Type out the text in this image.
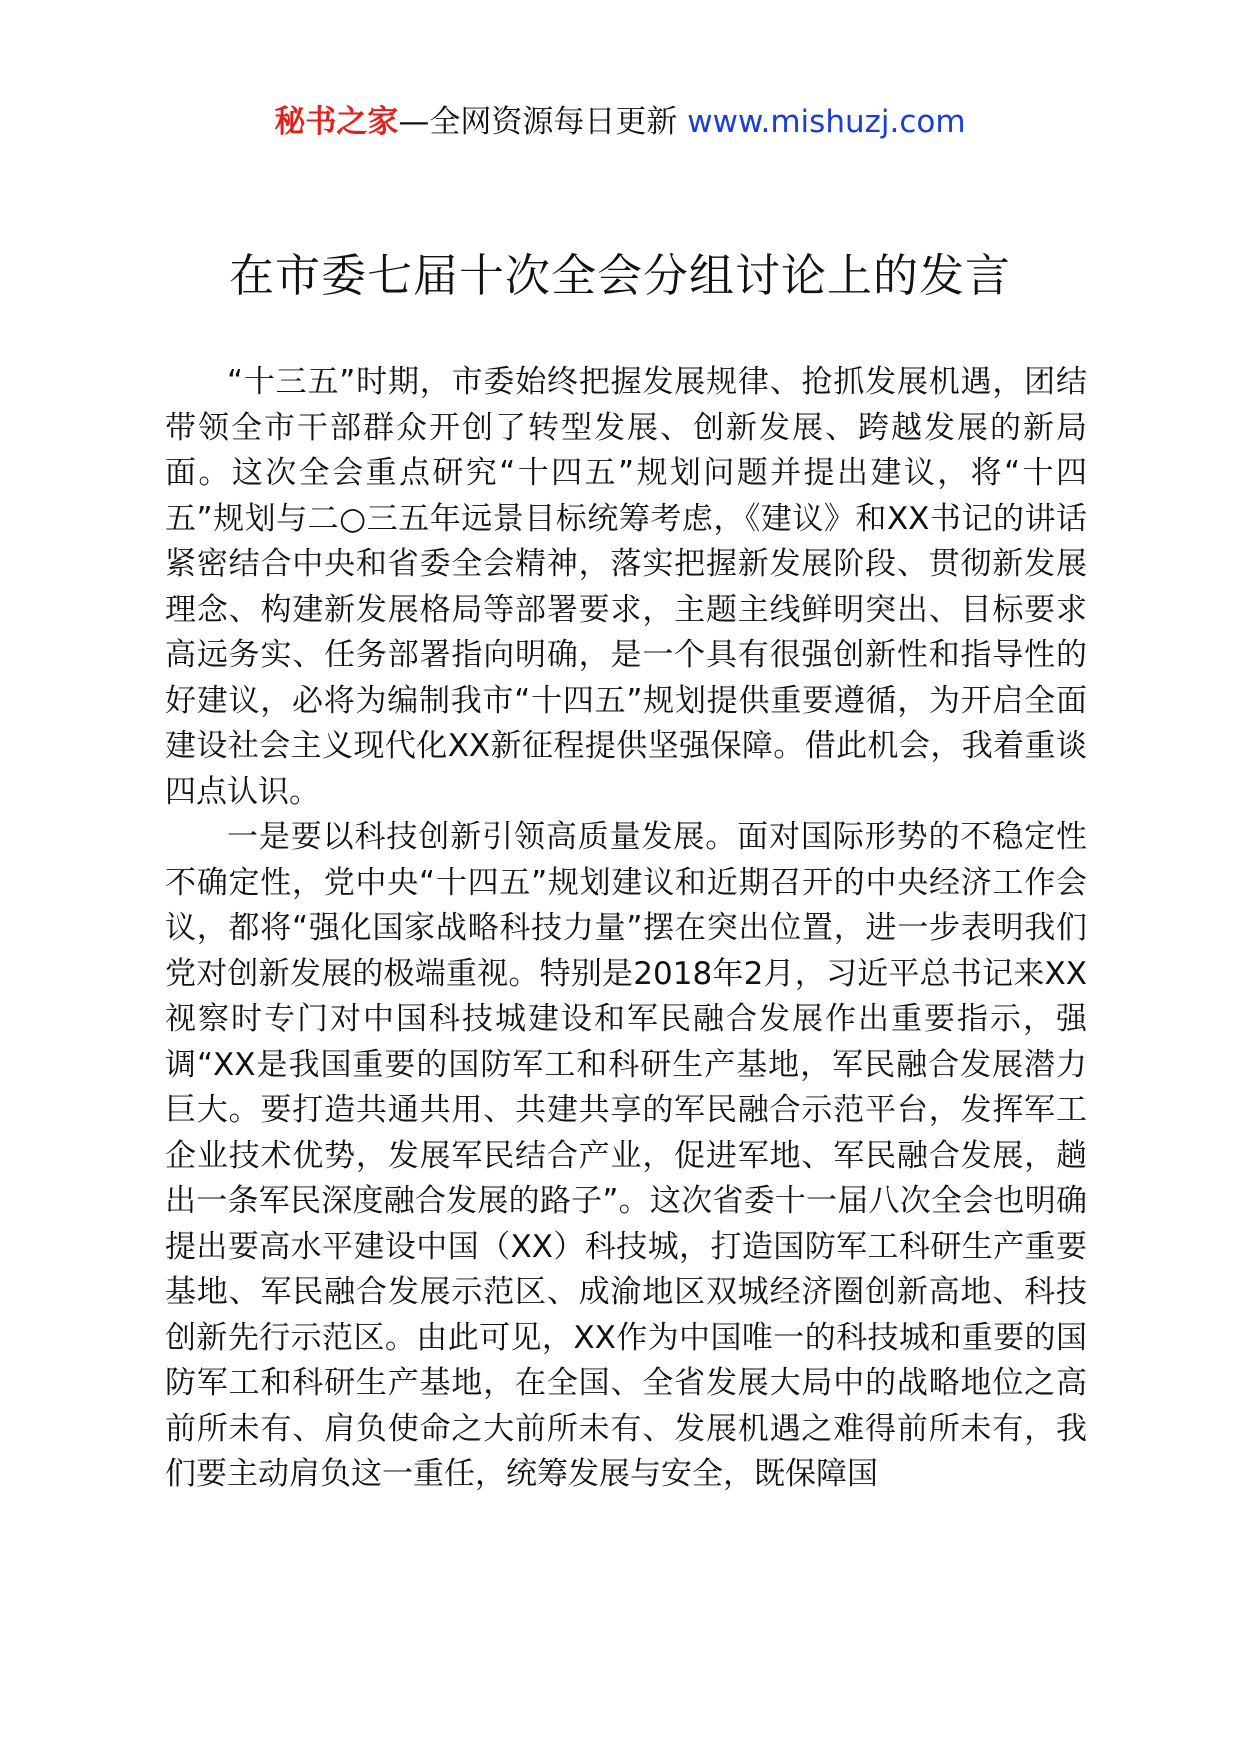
秘书之家—全网资源每日更新 www.mishuzj.com
在市委七届十次全会分组讨论上的发言

“十三五”时期，市委始终把握发展规律、抢抓发展机遇，团结带领全市干部群众开创了转型发展、创新发展、跨越发展的新局面。这次全会重点研究“十四五”规划问题并提出建议，将“十四五”规划与二○三五年远景目标统筹考虑，《建议》和XX书记的讲话紧密结合中央和省委全会精神，落实把握新发展阶段、贯彻新发展理念、构建新发展格局等部署要求，主题主线鲜明突出、目标要求高远务实、任务部署指向明确，是一个具有很强创新性和指导性的好建议，必将为编制我市“十四五”规划提供重要遵循，为开启全面建设社会主义现代化XX新征程提供坚强保障。借此机会，我着重谈四点认识。

一是要以科技创新引领高质量发展。面对国际形势的不稳定性不确定性，党中央“十四五”规划建议和近期召开的中央经济工作会议，都将“强化国家战略科技力量”摆在突出位置，进一步表明我们党对创新发展的极端重视。特别是2018年2月，习近平总书记来XX视察时专门对中国科技城建设和军民融合发展作出重要指示，强调“XX是我国重要的国防军工和科研生产基地，军民融合发展潜力巨大。要打造共通共用、共建共享的军民融合示范平台，发挥军工企业技术优势，发展军民结合产业，促进军地、军民融合发展，趟出一条军民深度融合发展的路子”。这次省委十一届八次全会也明确提出要高水平建设中国（XX）科技城，打造国防军工科研生产重要基地、军民融合发展示范区、成渝地区双城经济圈创新高地、科技创新先行示范区。由此可见，XX作为中国唯一的科技城和重要的国防军工和科研生产基地，在全国、全省发展大局中的战略地位之高前所未有、肩负使命之大前所未有、发展机遇之难得前所未有，我们要主动肩负这一重任，统筹发展与安全，既保障国
